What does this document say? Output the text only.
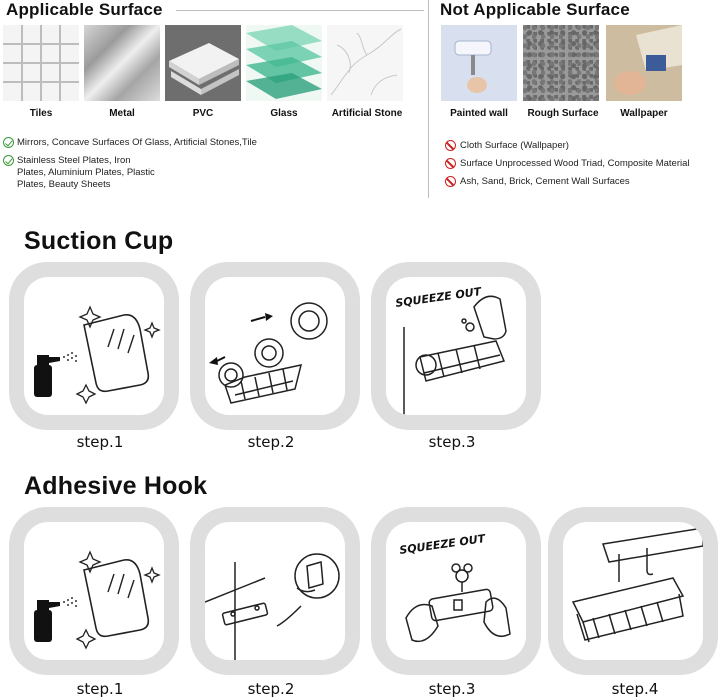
Applicable Surface
Tiles	Metal	PVC	Glass	Artificial Stone
Mirrors, Concave Surfaces Of Glass, Artificial Stones,Tile
Stainless Steel Plates, Iron
Plates, Aluminium Plates, Plastic
Plates, Beauty Sheets
Not Applicable Surface
Painted wall	Rough Surface	Wallpaper
Cloth Surface (Wallpaper)
Surface Unprocessed Wood Triad, Composite Material
Ash, Sand, Brick, Cement Wall Surfaces
Suction Cup
step.1	step.2
SQUEEZE OUT
step.3
Adhesive Hook
step.1	step.2
SQUEEZE OUT
step.3	step.4
